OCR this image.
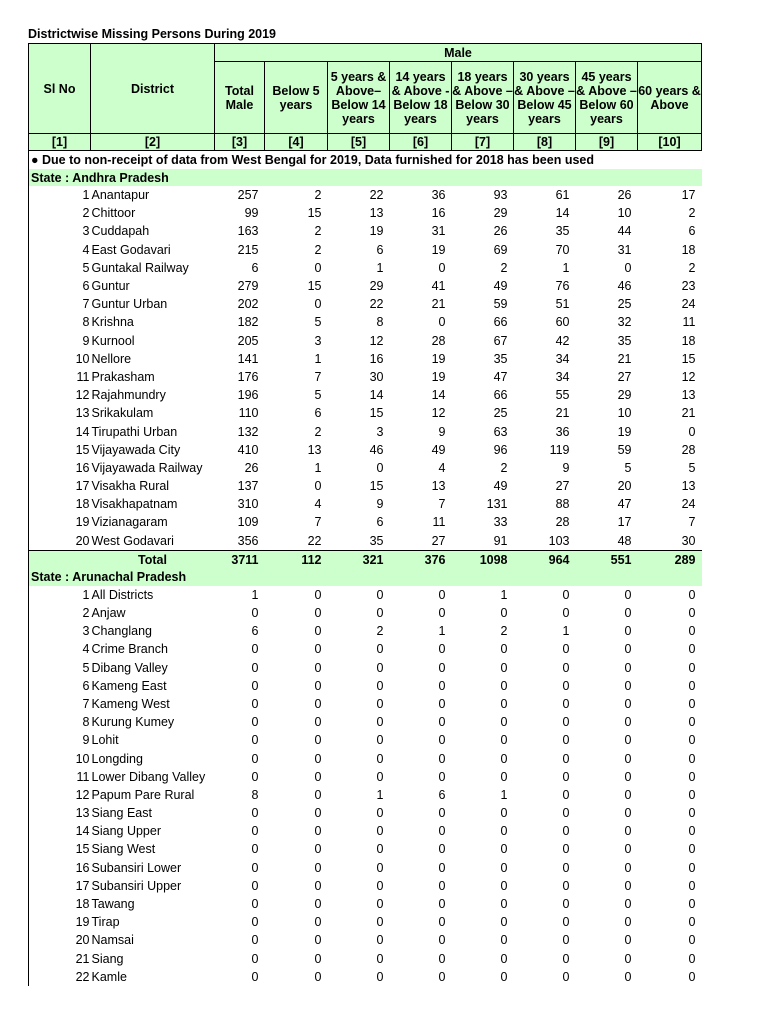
Districtwise Missing Persons During 2019
Sl No	District	Male							
		Total Male	Below 5 years	5 years & Above– Below 14 years	14 years & Above - Below 18 years	18 years & Above – Below 30 years	30 years & Above – Below 45 years	45 years & Above – Below 60 years	60 years & Above
[1]	[2]	[3]	[4]	[5]	[6]	[7]	[8]	[9]	[10]
● Due to non-receipt of data from West Bengal for 2019, Data furnished for 2018 has been used									
State : Andhra Pradesh									
1	Anantapur	257	2	22	36	93	61	26	17
2	Chittoor	99	15	13	16	29	14	10	2
3	Cuddapah	163	2	19	31	26	35	44	6
4	East Godavari	215	2	6	19	69	70	31	18
5	Guntakal Railway	6	0	1	0	2	1	0	2
6	Guntur	279	15	29	41	49	76	46	23
7	Guntur Urban	202	0	22	21	59	51	25	24
8	Krishna	182	5	8	0	66	60	32	11
9	Kurnool	205	3	12	28	67	42	35	18
10	Nellore	141	1	16	19	35	34	21	15
11	Prakasham	176	7	30	19	47	34	27	12
12	Rajahmundry	196	5	14	14	66	55	29	13
13	Srikakulam	110	6	15	12	25	21	10	21
14	Tirupathi Urban	132	2	3	9	63	36	19	0
15	Vijayawada City	410	13	46	49	96	119	59	28
16	Vijayawada Railway	26	1	0	4	2	9	5	5
17	Visakha Rural	137	0	15	13	49	27	20	13
18	Visakhapatnam	310	4	9	7	131	88	47	24
19	Vizianagaram	109	7	6	11	33	28	17	7
20	West Godavari	356	22	35	27	91	103	48	30
	Total	3711	112	321	376	1098	964	551	289
State : Arunachal Pradesh									
1	All Districts	1	0	0	0	1	0	0	0
2	Anjaw	0	0	0	0	0	0	0	0
3	Changlang	6	0	2	1	2	1	0	0
4	Crime Branch	0	0	0	0	0	0	0	0
5	Dibang Valley	0	0	0	0	0	0	0	0
6	Kameng East	0	0	0	0	0	0	0	0
7	Kameng West	0	0	0	0	0	0	0	0
8	Kurung Kumey	0	0	0	0	0	0	0	0
9	Lohit	0	0	0	0	0	0	0	0
10	Longding	0	0	0	0	0	0	0	0
11	Lower Dibang Valley	0	0	0	0	0	0	0	0
12	Papum Pare Rural	8	0	1	6	1	0	0	0
13	Siang East	0	0	0	0	0	0	0	0
14	Siang Upper	0	0	0	0	0	0	0	0
15	Siang West	0	0	0	0	0	0	0	0
16	Subansiri Lower	0	0	0	0	0	0	0	0
17	Subansiri Upper	0	0	0	0	0	0	0	0
18	Tawang	0	0	0	0	0	0	0	0
19	Tirap	0	0	0	0	0	0	0	0
20	Namsai	0	0	0	0	0	0	0	0
21	Siang	0	0	0	0	0	0	0	0
22	Kamle	0	0	0	0	0	0	0	0
